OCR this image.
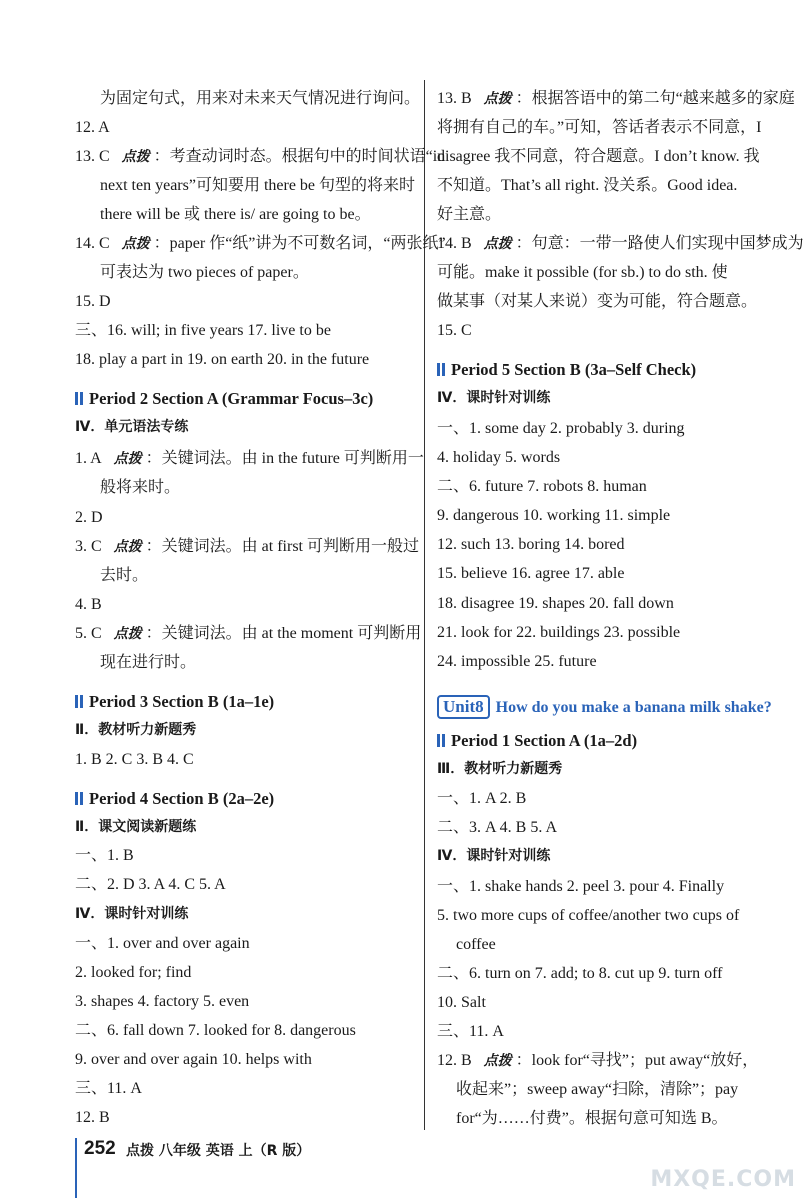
为固定句式，用来对未来天气情况进行询问。
12. A
13. C 点拨 ：考查动词时态。根据句中的时间状语“in
next ten years”可知要用 there be 句型的将来时
there will be 或 there is/ are going to be。
14. C 点拨 ：paper 作“纸”讲为不可数名词，“两张纸”
可表达为 two pieces of paper。
15. D
三、16. will; in five years 17. live to be
18. play a part in 19. on earth 20. in the future
Period 2 Section A (Grammar Focus–3c)
Ⅳ．单元语法专练
1. A 点拨 ：关键词法。由 in the future 可判断用一
般将来时。
2. D
3. C 点拨 ：关键词法。由 at first 可判断用一般过
去时。
4. B
5. C 点拨 ：关键词法。由 at the moment 可判断用
现在进行时。
Period 3 Section B (1a–1e)
Ⅱ．教材听力新题秀
1. B 2. C 3. B 4. C
Period 4 Section B (2a–2e)
Ⅱ．课文阅读新题练
一、1. B
二、2. D 3. A 4. C 5. A
Ⅳ．课时针对训练
一、1. over and over again
2. looked for; find
3. shapes 4. factory 5. even
二、6. fall down 7. looked for 8. dangerous
9. over and over again 10. helps with
三、11. A
12. B
13. B 点拨 ：根据答语中的第二句“越来越多的家庭
将拥有自己的车。”可知，答话者表示不同意，I
disagree 我不同意，符合题意。I don’t know. 我
不知道。That’s all right. 没关系。Good idea.
好主意。
14. B 点拨 ：句意：一带一路使人们实现中国梦成为
可能。make it possible (for sb.) to do sth. 使
做某事（对某人来说）变为可能，符合题意。
15. C
Period 5 Section B (3a–Self Check)
Ⅳ．课时针对训练
一、1. some day 2. probably 3. during
4. holiday 5. words
二、6. future 7. robots 8. human
9. dangerous 10. working 11. simple
12. such 13. boring 14. bored
15. believe 16. agree 17. able
18. disagree 19. shapes 20. fall down
21. look for 22. buildings 23. possible
24. impossible 25. future
Unit8 How do you make a banana milk shake?
Period 1 Section A (1a–2d)
Ⅲ．教材听力新题秀
一、1. A 2. B
二、3. A 4. B 5. A
Ⅳ．课时针对训练
一、1. shake hands 2. peel 3. pour 4. Finally
5. two more cups of coffee/another two cups of
coffee
二、6. turn on 7. add; to 8. cut up 9. turn off
10. Salt
三、11. A
12. B 点拨 ：look for“寻找”；put away“放好，
收起来”；sweep away“扫除，清除”；pay
for“为……付费”。根据句意可知选 B。
252 点拨 八年级 英语 上（R 版）
MXQE.COM
